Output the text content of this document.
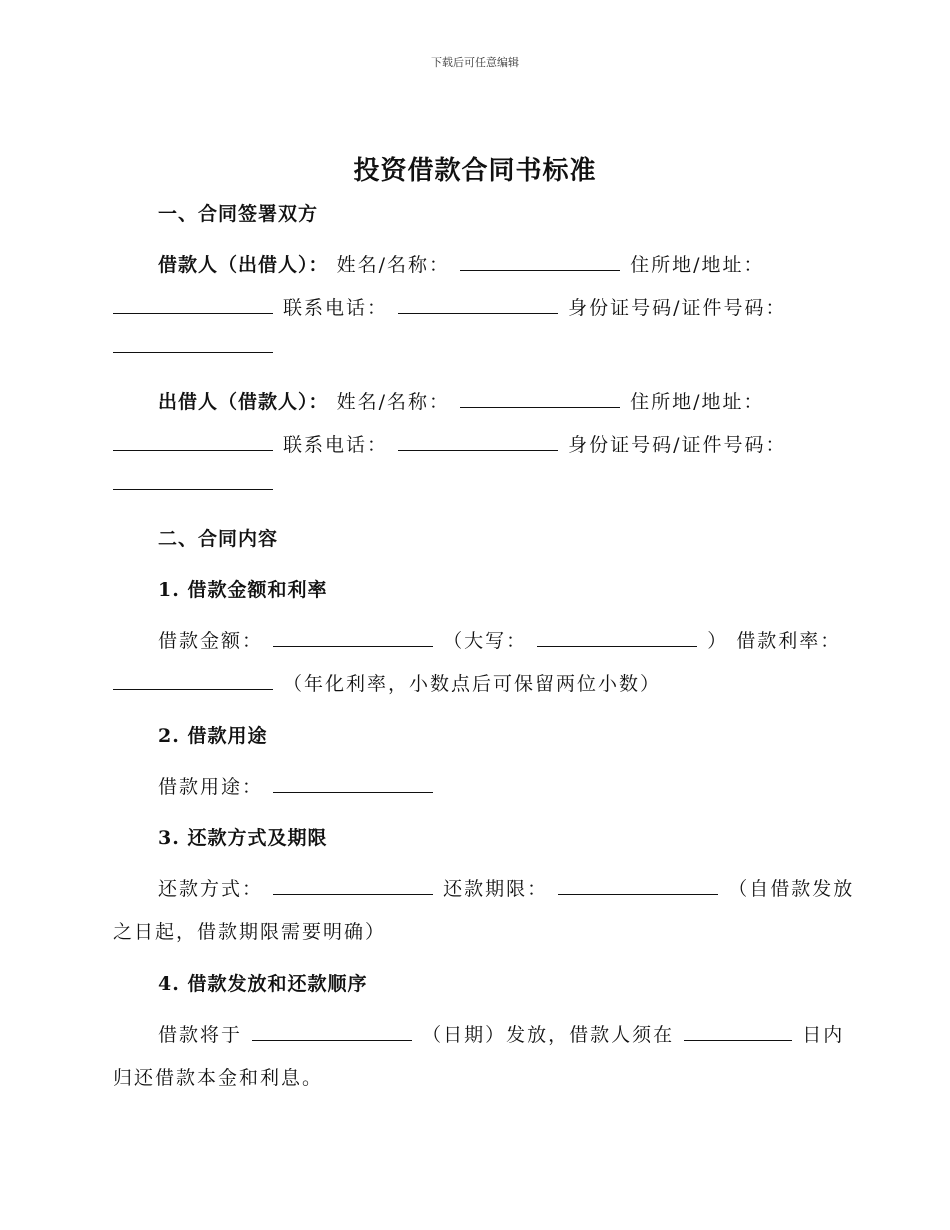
下载后可任意编辑
投资借款合同书标准
一、合同签署双方
借款人（出借人）： 姓名/名称：	住所地/地址：
联系电话：	身份证号码/证件号码：
出借人（借款人）： 姓名/名称：	住所地/地址：
联系电话：	身份证号码/证件号码：
二、合同内容
1. 借款金额和利率
借款金额：	（大写：	） 借款利率：
（年化利率，小数点后可保留两位小数）
2. 借款用途
借款用途：
3. 还款方式及期限
还款方式：	还款期限：	（自借款发放
之日起，借款期限需要明确）
4. 借款发放和还款顺序
借款将于	（日期）发放，借款人须在	日内
归还借款本金和利息。
